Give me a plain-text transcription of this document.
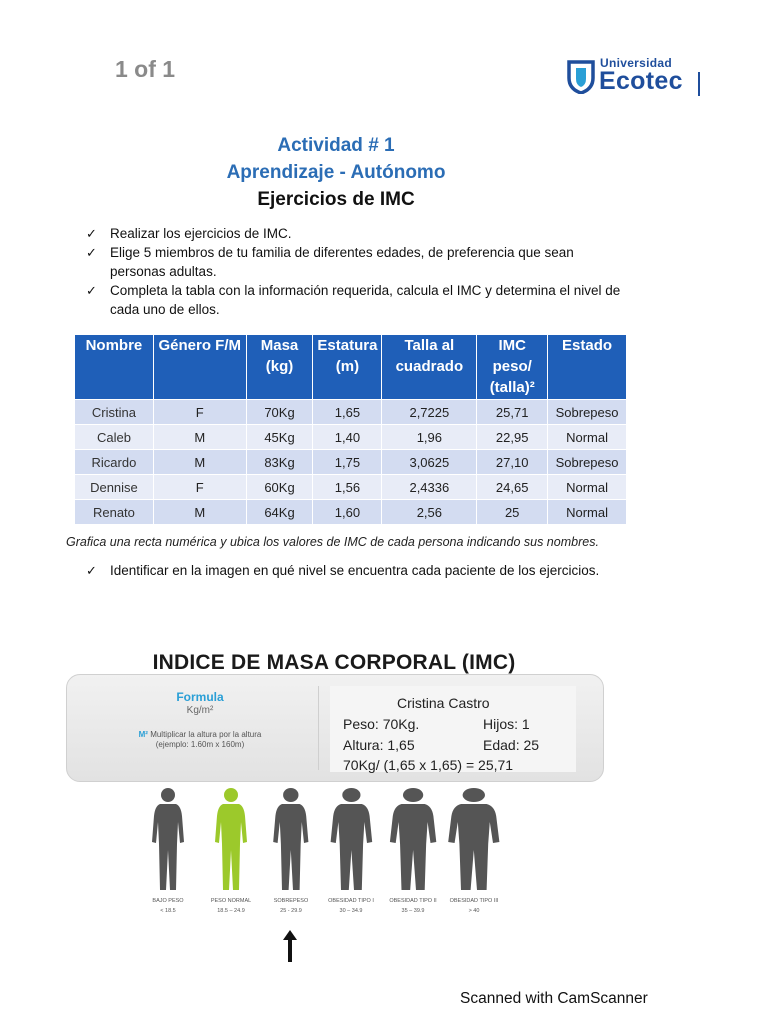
1 of 1	Universidad
Ecotec
Actividad # 1
Aprendizaje - Autónomo
Ejercicios de IMC
✓ Realizar los ejercicios de IMC.
✓ Elige 5 miembros de tu familia de diferentes edades, de preferencia que sean personas adultas.
✓ Completa la tabla con la información requerida, calcula el IMC y determina el nivel de cada uno de ellos.
Nombre	Género F/M	Masa (kg)	Estatura (m)	Talla al cuadrado	IMC peso/ (talla)²	Estado
Cristina	F	70Kg	1,65	2,7225	25,71	Sobrepeso
Caleb	M	45Kg	1,40	1,96	22,95	Normal
Ricardo	M	83Kg	1,75	3,0625	27,10	Sobrepeso
Dennise	F	60Kg	1,56	2,4336	24,65	Normal
Renato	M	64Kg	1,60	2,56	25	Normal
Grafica una recta numérica y ubica los valores de IMC de cada persona indicando sus nombres.
✓ Identificar en la imagen en qué nivel se encuentra cada paciente de los ejercicios.
INDICE DE MASA CORPORAL (IMC)
Formula
Kg/m²
M² Multiplicar la altura por la altura
(ejemplo: 1.60m x 160m)
Cristina Castro
Peso: 70Kg.	Hijos: 1
Altura: 1,65	Edad: 25
70Kg/ (1,65 x 1,65) = 25,71
BAJO PESO
< 18.5
PESO NORMAL
18.5 – 24.9
SOBREPESO
25 - 29.9
OBESIDAD TIPO I
30 – 34.9
OBESIDAD TIPO II
35 – 39.9
OBESIDAD TIPO III
> 40
Scanned with CamScanner
